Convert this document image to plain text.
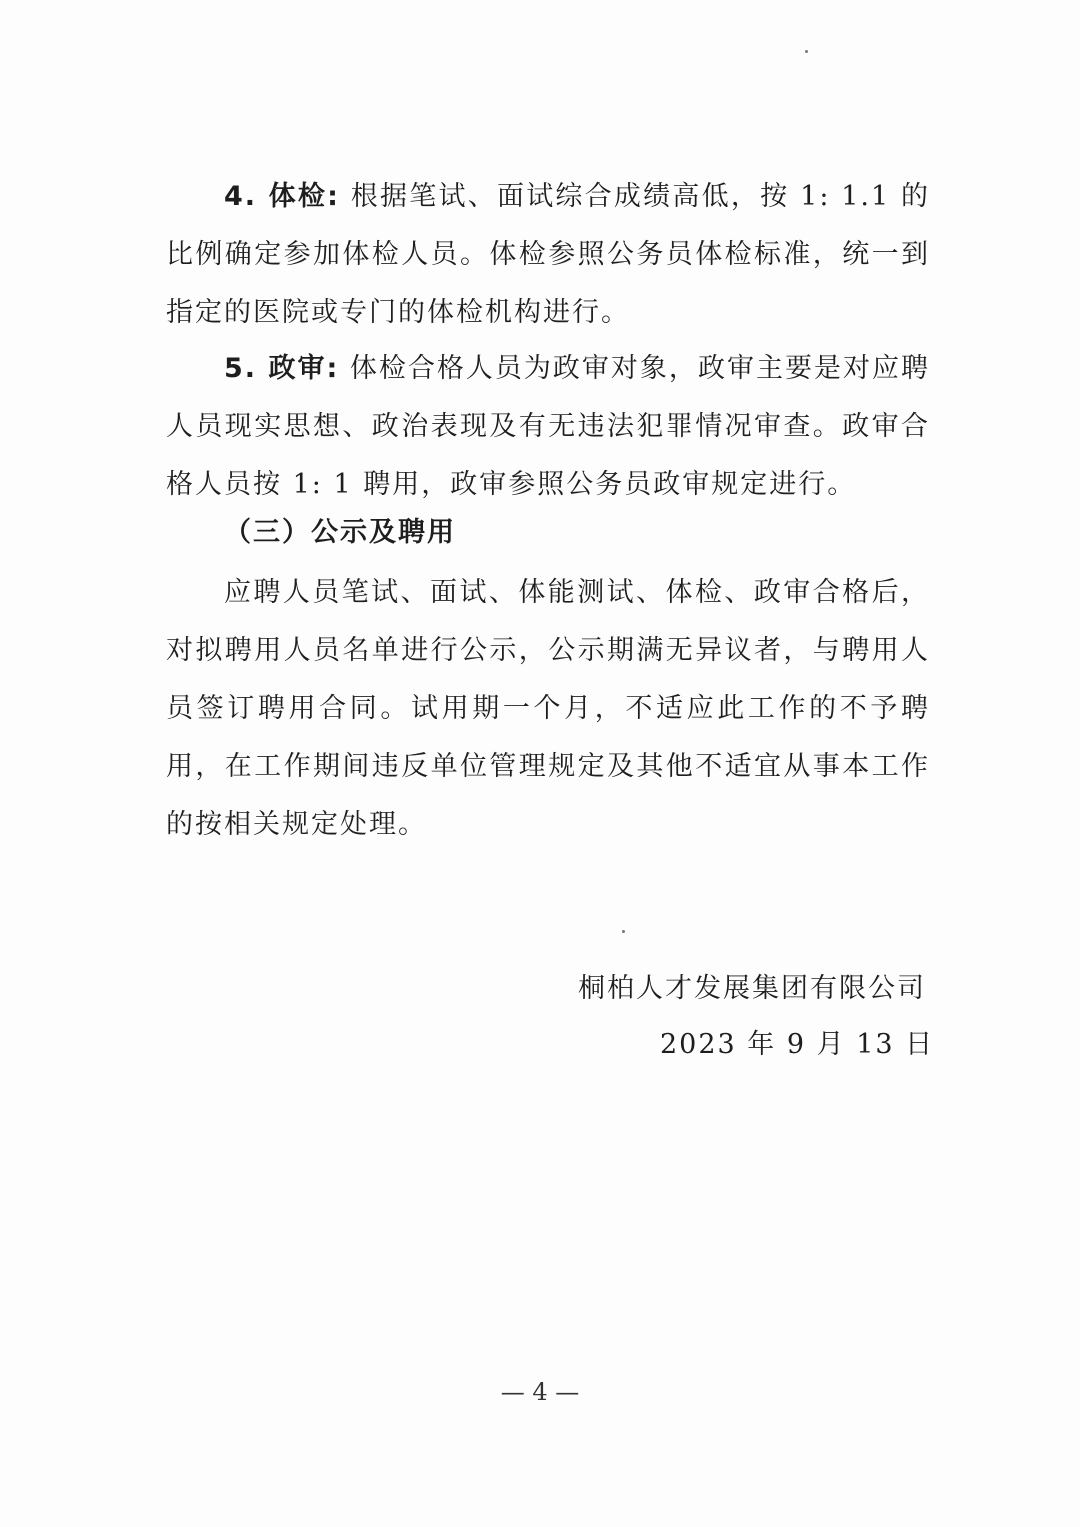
4. 体检: 根据笔试、面试综合成绩高低，按 1: 1.1 的比例确定参加体检人员。体检参照公务员体检标准，统一到指定的医院或专门的体检机构进行。

5. 政审: 体检合格人员为政审对象，政审主要是对应聘人员现实思想、政治表现及有无违法犯罪情况审查。政审合格人员按 1: 1 聘用，政审参照公务员政审规定进行。

（三）公示及聘用

应聘人员笔试、面试、体能测试、体检、政审合格后，对拟聘用人员名单进行公示，公示期满无异议者，与聘用人员签订聘用合同。试用期一个月，不适应此工作的不予聘用，在工作期间违反单位管理规定及其他不适宜从事本工作的按相关规定处理。

桐柏人才发展集团有限公司
2023 年 9 月 13 日
— 4 —
